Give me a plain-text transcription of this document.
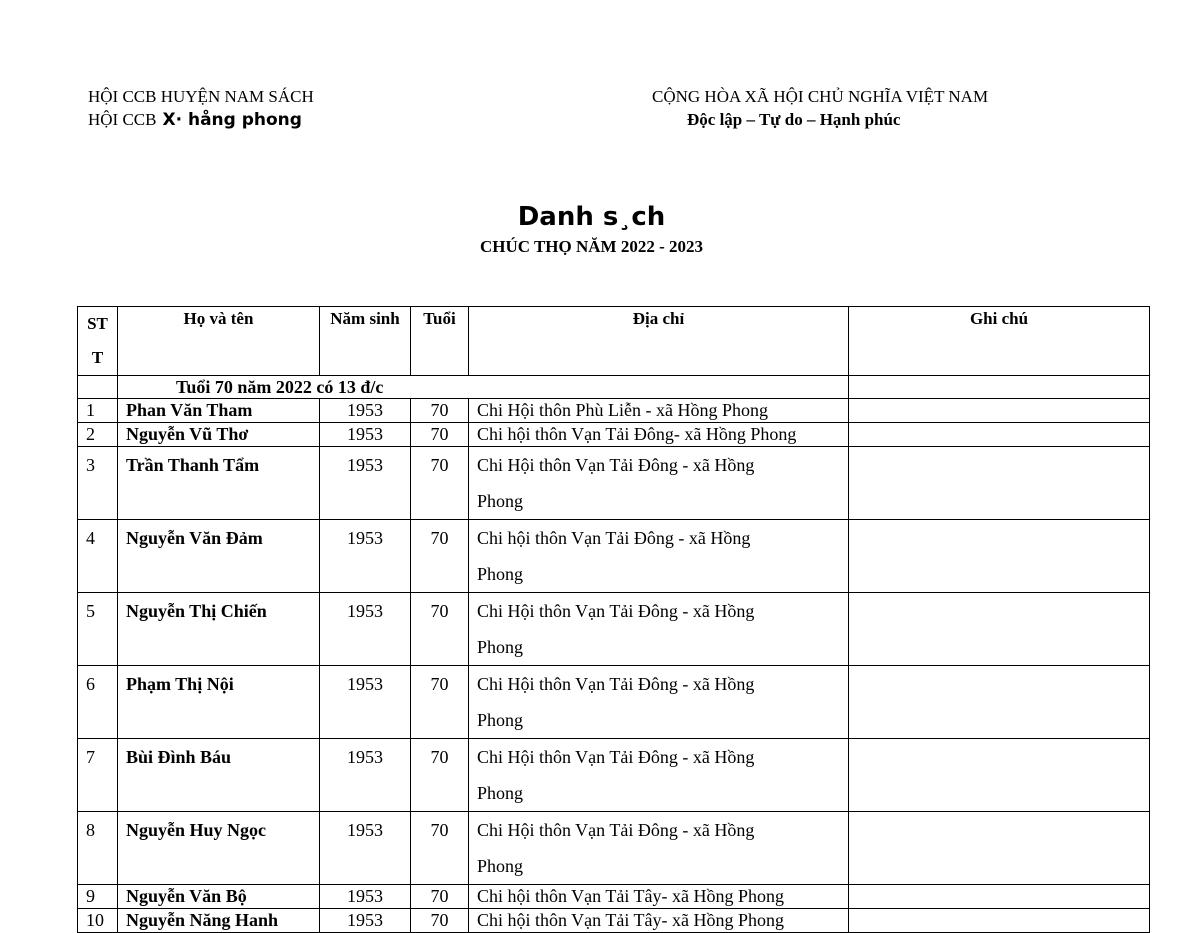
HỘI CCB HUYỆN NAM SÁCH
HỘI CCB X· hång phong
CỘNG HÒA XÃ HỘI CHỦ NGHĨA VIỆT NAM
Độc lập – Tự do – Hạnh phúc
Danh s¸ch
CHÚC THỌ NĂM 2022 - 2023
ST
T	Họ và tên	Năm sinh	Tuổi	Địa chỉ	Ghi chú
	Tuổi 70 năm 2022 có 13 đ/c				
1	Phan Văn Tham	1953	70	Chi Hội thôn Phù Liễn - xã Hồng Phong	
2	Nguyễn Vũ Thơ	1953	70	Chi hội thôn Vạn Tải Đông- xã Hồng Phong	
3	Trần Thanh Tẩm	1953	70	Chi Hội thôn Vạn Tải Đông - xã Hồng
Phong	
4	Nguyễn Văn Đảm	1953	70	Chi hội thôn Vạn Tải Đông - xã Hồng
Phong	
5	Nguyễn Thị Chiến	1953	70	Chi Hội thôn Vạn Tải Đông - xã Hồng
Phong	
6	Phạm Thị Nội	1953	70	Chi Hội thôn Vạn Tải Đông - xã Hồng
Phong	
7	Bùi Đình Báu	1953	70	Chi Hội thôn Vạn Tải Đông - xã Hồng
Phong	
8	Nguyễn Huy Ngọc	1953	70	Chi Hội thôn Vạn Tải Đông - xã Hồng
Phong	
9	Nguyễn Văn Bộ	1953	70	Chi hội thôn Vạn Tải Tây- xã Hồng Phong	
10	Nguyễn Năng Hanh	1953	70	Chi hội thôn Vạn Tải Tây- xã Hồng Phong	
